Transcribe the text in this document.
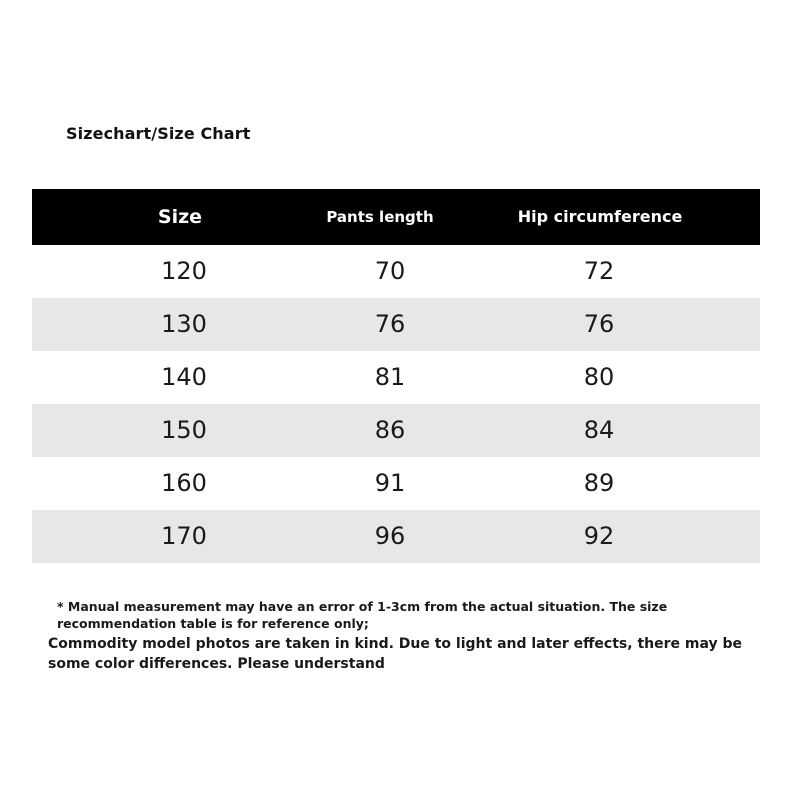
Sizechart/Size Chart
Size	Pants length	Hip circumference
120	70	72
130	76	76
140	81	80
150	86	84
160	91	89
170	96	92
* Manual measurement may have an error of 1-3cm from the actual situation. The size recommendation table is for reference only;
Commodity model photos are taken in kind. Due to light and later effects, there may be some color differences. Please understand
